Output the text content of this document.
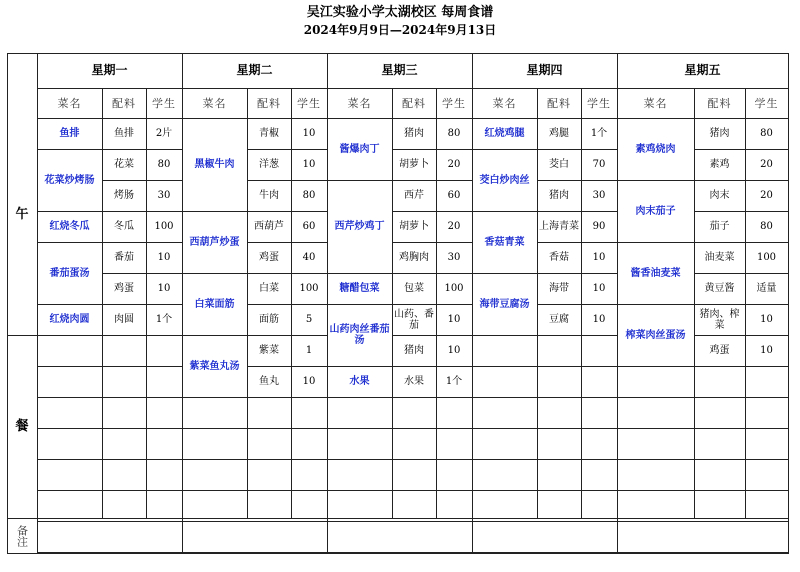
吴江实验小学太湖校区 每周食谱
2024年9月9日—2024年9月13日
午
餐
备注
星期一
菜名	配料	学生
鱼排	鱼排	2片
花菜炒烤肠
花菜	80
烤肠	30
红烧冬瓜	冬瓜	100
番茄蛋汤
番茄	10
鸡蛋	10
红烧肉圆	肉圆	1个
星期二
菜名	配料	学生
黑椒牛肉
青椒	10
洋葱	10
牛肉	80
西葫芦炒蛋
西葫芦	60
鸡蛋	40
白菜面筋
白菜	100
面筋	5
紫菜鱼丸汤
紫菜	1
鱼丸	10
星期三
菜名	配料	学生
酱爆肉丁
猪肉	80
胡萝卜	20
西芹炒鸡丁
西芹	60
胡萝卜	20
鸡胸肉	30
糖醋包菜	包菜	100
山药肉丝番茄汤
山药、番茄	10
猪肉	10
水果	水果	1个
星期四
菜名	配料	学生
红烧鸡腿	鸡腿	1个
茭白炒肉丝
茭白	70
猪肉	30
香菇青菜
上海青菜	90
香菇	10
海带豆腐汤
海带	10
豆腐	10
星期五
菜名	配料	学生
素鸡烧肉
猪肉	80
素鸡	20
肉末茄子
肉末	20
茄子	80
酱香油麦菜
油麦菜	100
黄豆酱	适量
榨菜肉丝蛋汤
猪肉、榨菜	10
鸡蛋	10
